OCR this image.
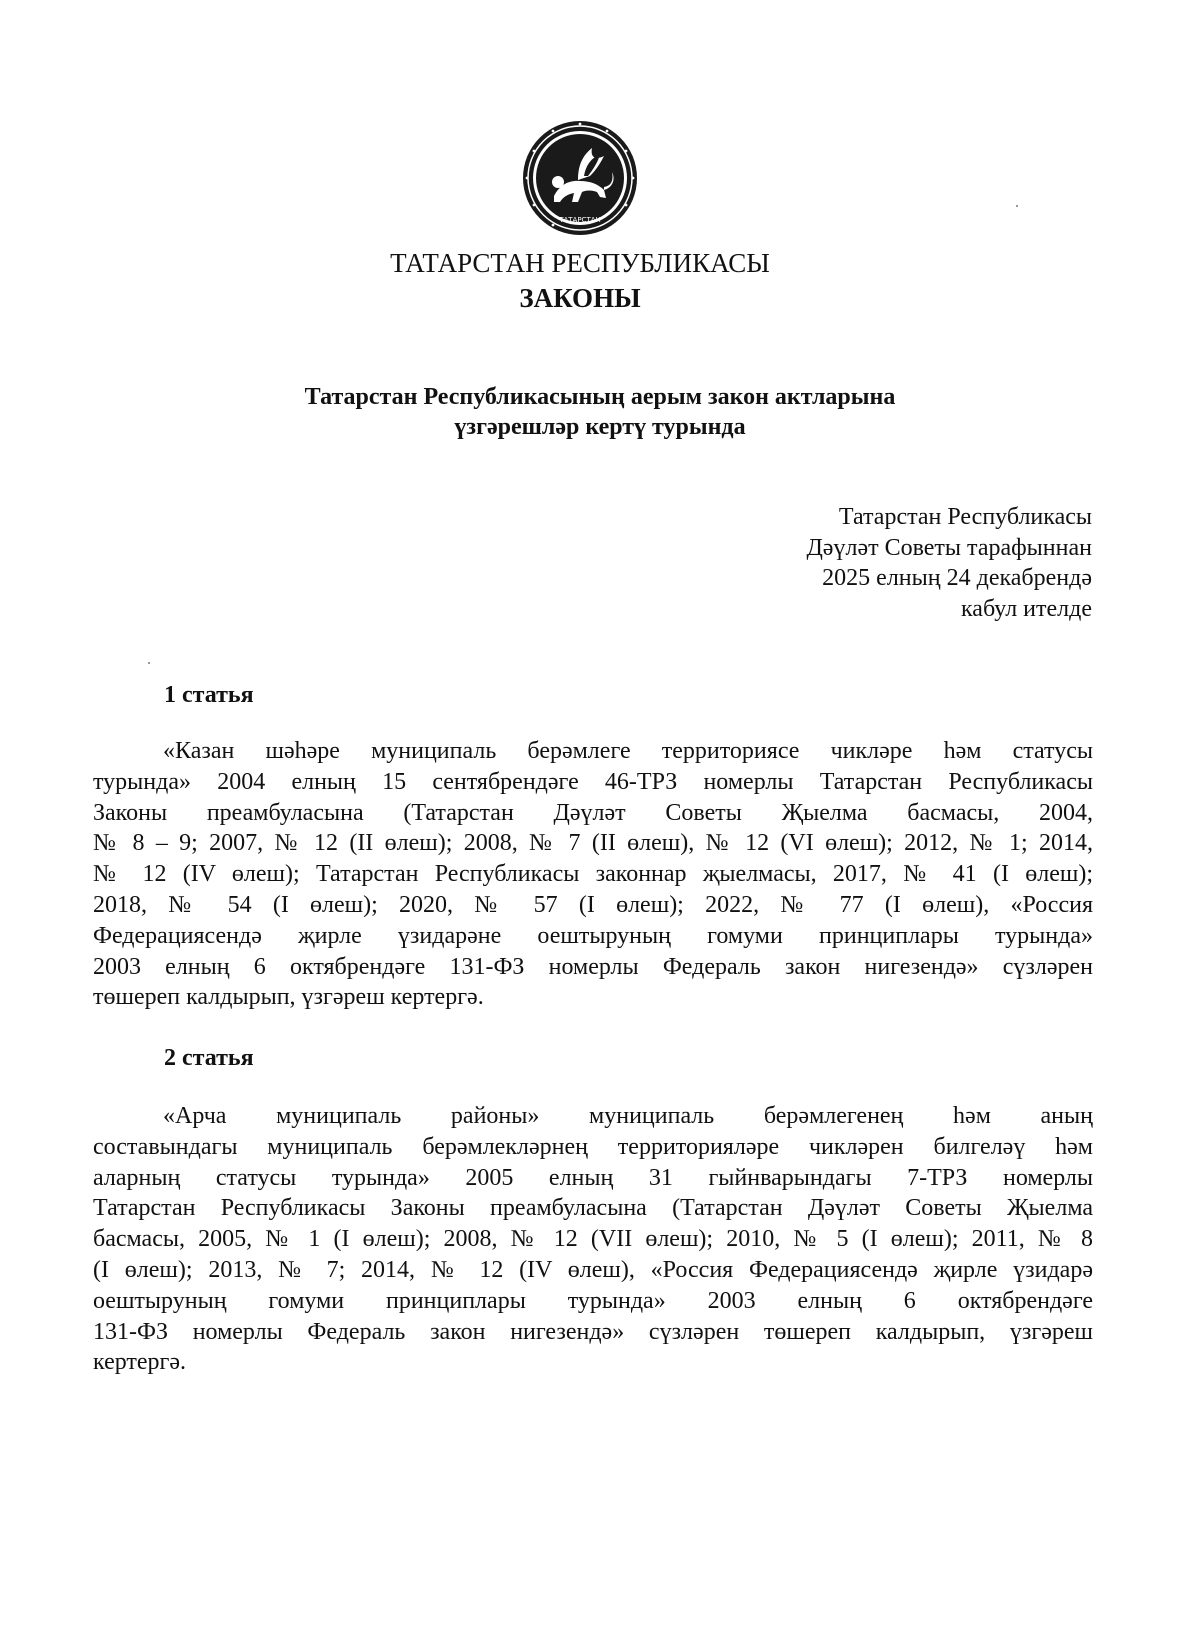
ТАТАРСТАН
ТАТАРСТАН РЕСПУБЛИКАСЫ
ЗАКОНЫ
Татарстан Республикасының аерым закон актларына
үзгәрешләр кертү турында
Татарстан Республикасы
Дәүләт Советы тарафыннан
2025 елның 24 декабрендә
кабул ителде
1 статья
«Казан шәһәре муниципаль берәмлеге территориясе чикләре һәм статусы
турында» 2004 елның 15 сентябрендәге 46-ТРЗ номерлы Татарстан Республикасы
Законы преамбуласына (Татарстан Дәүләт Советы Җыелма басмасы, 2004,
№ 8 – 9; 2007, № 12 (II өлеш); 2008, № 7 (II өлеш), № 12 (VI өлеш); 2012, № 1; 2014,
№ 12 (IV өлеш); Татарстан Республикасы законнар җыелмасы, 2017, № 41 (I өлеш);
2018, № 54 (I өлеш); 2020, № 57 (I өлеш); 2022, № 77 (I өлеш), «Россия
Федерациясендә җирле үзидарәне оештыруның гомуми принциплары турында»
2003 елның 6 октябрендәге 131-ФЗ номерлы Федераль закон нигезендә» сүзләрен
төшереп калдырып, үзгәреш кертергә.
2 статья
«Арча муниципаль районы» муниципаль берәмлегенең һәм аның
составындагы муниципаль берәмлекләрнең территорияләре чикләрен билгеләү һәм
аларның статусы турында» 2005 елның 31 гыйнварындагы 7-ТРЗ номерлы
Татарстан Республикасы Законы преамбуласына (Татарстан Дәүләт Советы Җыелма
басмасы, 2005, № 1 (I өлеш); 2008, № 12 (VII өлеш); 2010, № 5 (I өлеш); 2011, № 8
(I өлеш); 2013, № 7; 2014, № 12 (IV өлеш), «Россия Федерациясендә җирле үзидарә
оештыруның гомуми принциплары турында» 2003 елның 6 октябрендәге
131-ФЗ номерлы Федераль закон нигезендә» сүзләрен төшереп калдырып, үзгәреш
кертергә.
